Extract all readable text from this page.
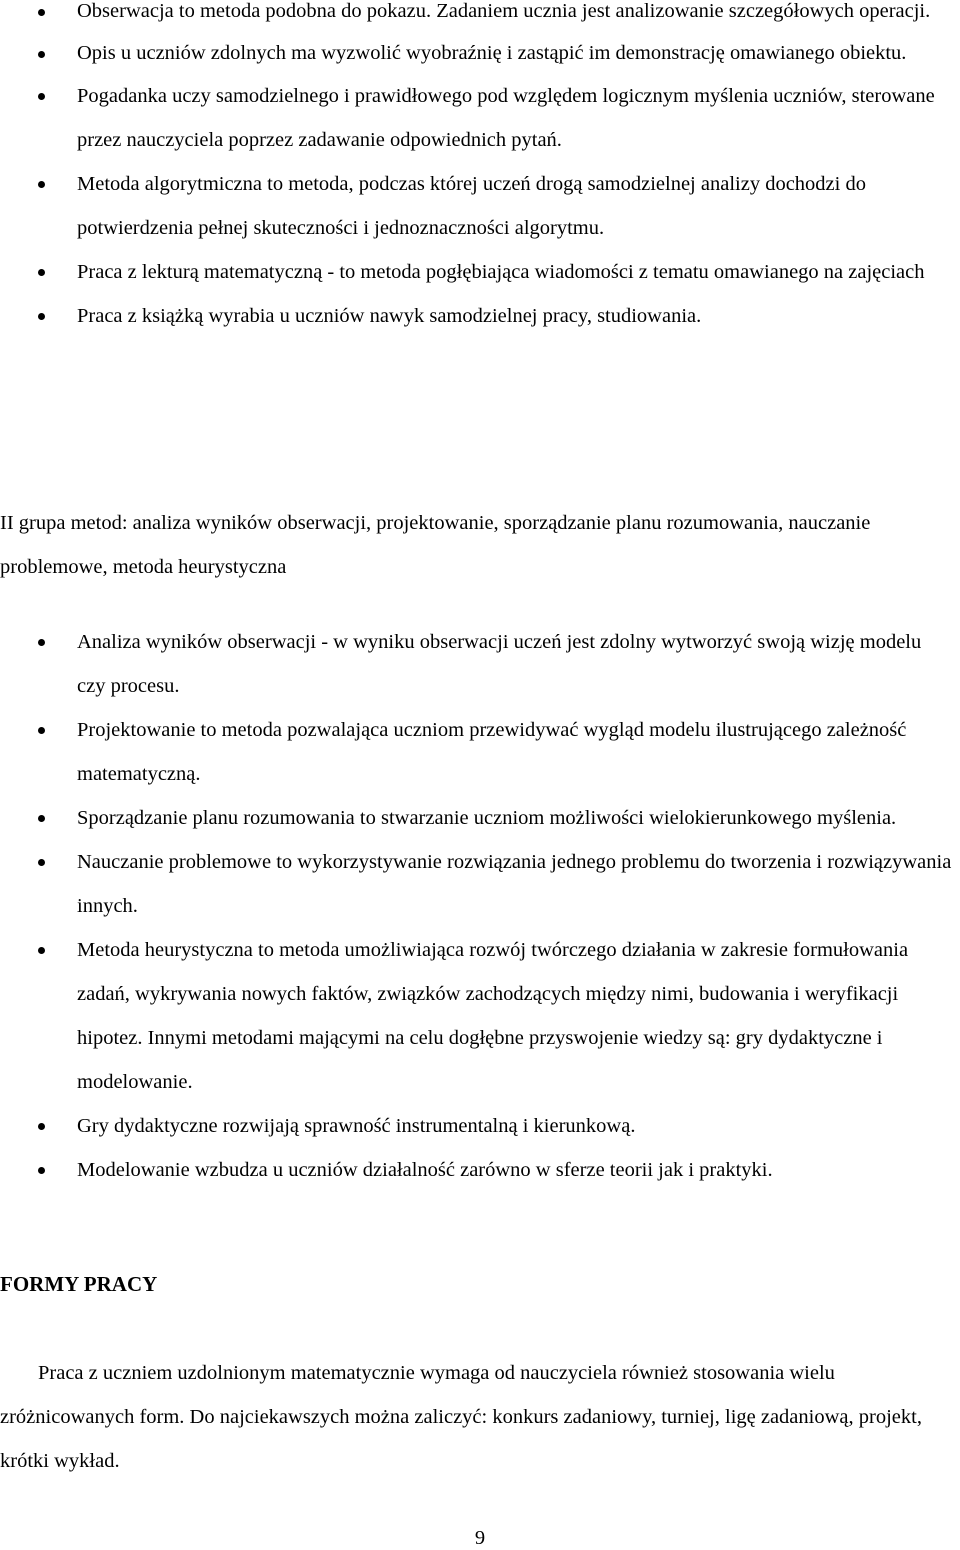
Obserwacja to metoda podobna do pokazu. Zadaniem ucznia jest analizowanie szczegółowych operacji.
Opis u uczniów zdolnych ma wyzwolić wyobraźnię i zastąpić im demonstrację omawianego obiektu.
Pogadanka uczy samodzielnego i prawidłowego pod względem logicznym myślenia uczniów, sterowane przez nauczyciela poprzez zadawanie odpowiednich pytań.
Metoda algorytmiczna to metoda, podczas której uczeń drogą samodzielnej analizy dochodzi do potwierdzenia pełnej skuteczności i jednoznaczności algorytmu.
Praca z lekturą matematyczną - to metoda pogłębiająca wiadomości z tematu omawianego na zajęciach
Praca z książką wyrabia u uczniów nawyk samodzielnej pracy, studiowania.

II grupa metod: analiza wyników obserwacji, projektowanie, sporządzanie planu rozumowania, nauczanie problemowe, metoda heurystyczna

Analiza wyników obserwacji - w wyniku obserwacji uczeń jest zdolny wytworzyć swoją wizję modelu czy procesu.
Projektowanie to metoda pozwalająca uczniom przewidywać wygląd modelu ilustrującego zależność matematyczną.
Sporządzanie planu rozumowania to stwarzanie uczniom możliwości wielokierunkowego myślenia.
Nauczanie problemowe to wykorzystywanie rozwiązania jednego problemu do tworzenia i rozwiązywania innych.
Metoda heurystyczna to metoda umożliwiająca rozwój twórczego działania w zakresie formułowania zadań, wykrywania nowych faktów, związków zachodzących między nimi, budowania i weryfikacji hipotez. Innymi metodami mającymi na celu dogłębne przyswojenie wiedzy są: gry dydaktyczne i modelowanie.
Gry dydaktyczne rozwijają sprawność instrumentalną i kierunkową.
Modelowanie wzbudza u uczniów działalność zarówno w sferze teorii jak i praktyki.
FORMY PRACY

Praca z uczniem uzdolnionym matematycznie wymaga od nauczyciela również stosowania wielu zróżnicowanych form. Do najciekawszych można zaliczyć: konkurs zadaniowy, turniej, ligę zadaniową, projekt, krótki wykład.

9
